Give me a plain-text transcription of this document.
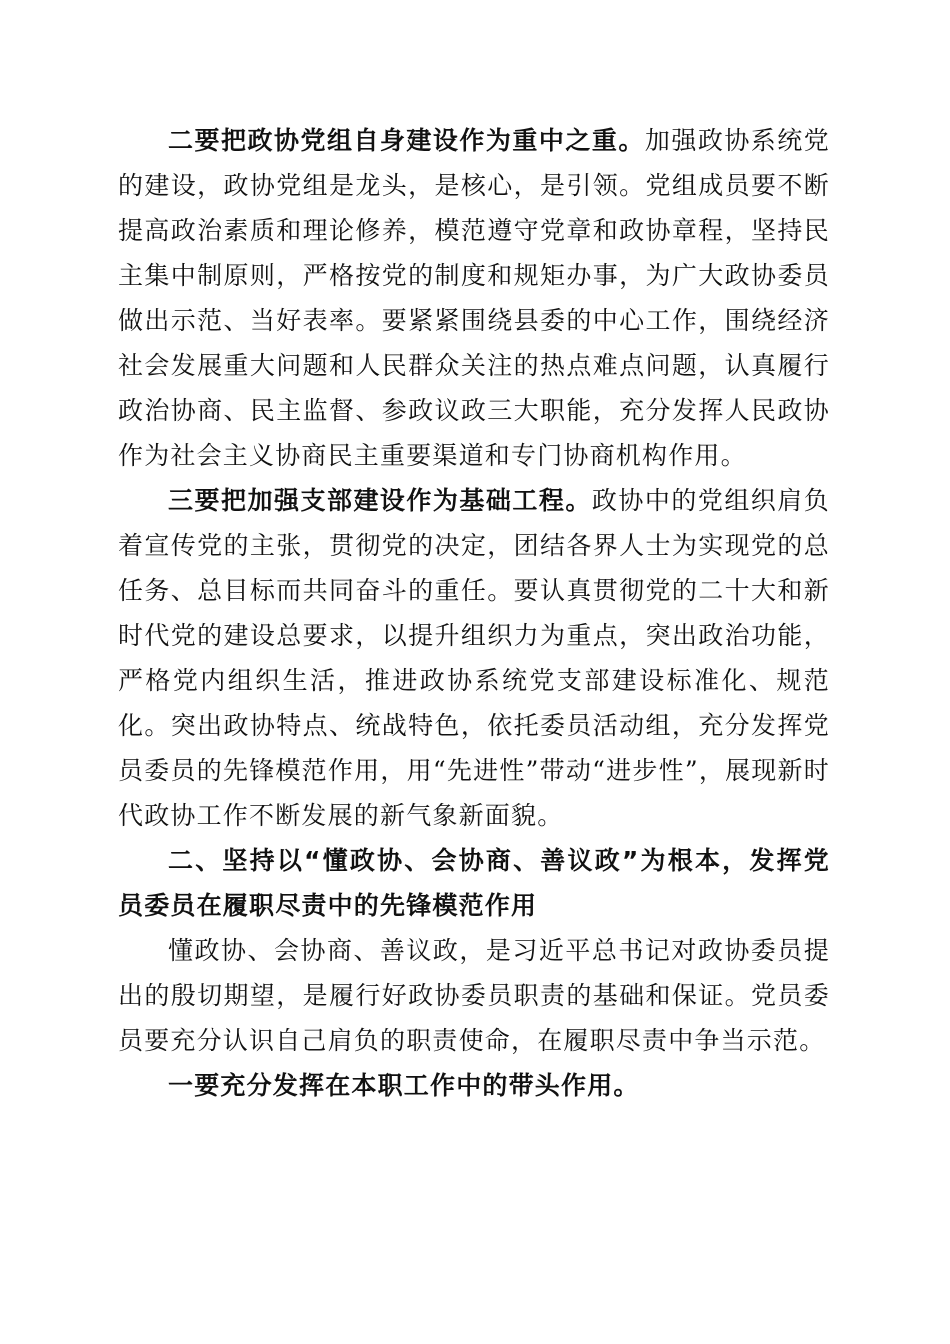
二要把政协党组自身建设作为重中之重。加强政协系统党的建设，政协党组是龙头，是核心，是引领。党组成员要不断提高政治素质和理论修养，模范遵守党章和政协章程，坚持民主集中制原则，严格按党的制度和规矩办事，为广大政协委员做出示范、当好表率。要紧紧围绕县委的中心工作，围绕经济社会发展重大问题和人民群众关注的热点难点问题，认真履行政治协商、民主监督、参政议政三大职能，充分发挥人民政协作为社会主义协商民主重要渠道和专门协商机构作用。

三要把加强支部建设作为基础工程。政协中的党组织肩负着宣传党的主张，贯彻党的决定，团结各界人士为实现党的总任务、总目标而共同奋斗的重任。要认真贯彻党的二十大和新时代党的建设总要求，以提升组织力为重点，突出政治功能，严格党内组织生活，推进政协系统党支部建设标准化、规范化。突出政协特点、统战特色，依托委员活动组，充分发挥党员委员的先锋模范作用，用“先进性”带动“进步性”，展现新时代政协工作不断发展的新气象新面貌。

二、坚持以“懂政协、会协商、善议政”为根本，发挥党员委员在履职尽责中的先锋模范作用

懂政协、会协商、善议政，是习近平总书记对政协委员提出的殷切期望，是履行好政协委员职责的基础和保证。党员委员要充分认识自己肩负的职责使命，在履职尽责中争当示范。

一要充分发挥在本职工作中的带头作用。
